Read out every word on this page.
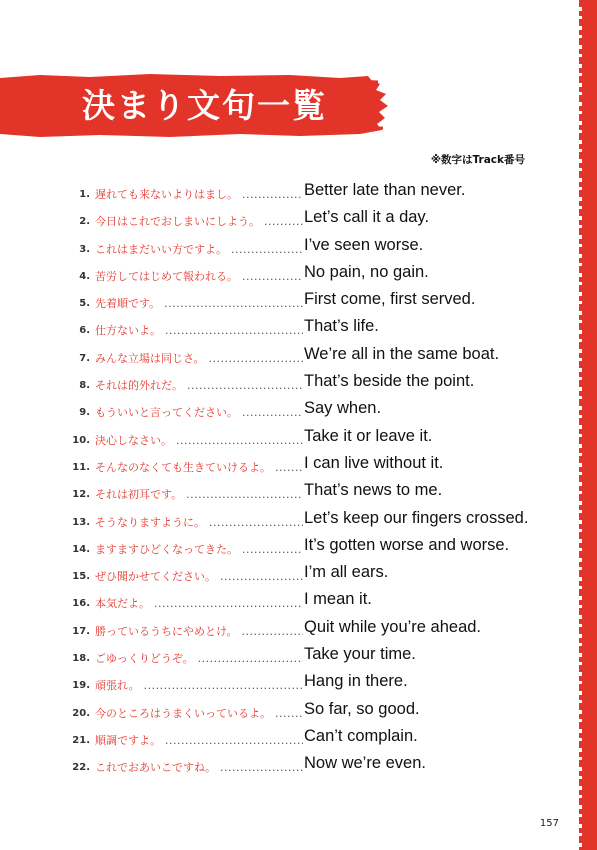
決まり文句一覧
※数字はTrack番号
1. 遅れても来ないよりはまし。 .....	Better late than never.
2. 今日はこれでおしまいにしよう。 .....	Let’s call it a day.
3. これはまだいい方ですよ。 .....	I’ve seen worse.
4. 苦労してはじめて報われる。 .....	No pain, no gain.
5. 先着順です。 .....	First come, first served.
6. 仕方ないよ。 .....	That’s life.
7. みんな立場は同じさ。 .....	We’re all in the same boat.
8. それは的外れだ。 .....	That’s beside the point.
9. もういいと言ってください。 .....	Say when.
10. 決心しなさい。 .....	Take it or leave it.
11. そんなのなくても生きていけるよ。 .....	I can live without it.
12. それは初耳です。 .....	That’s news to me.
13. そうなりますように。 .....	Let’s keep our fingers crossed.
14. ますますひどくなってきた。 .....	It’s gotten worse and worse.
15. ぜひ聞かせてください。 .....	I’m all ears.
16. 本気だよ。 .....	I mean it.
17. 勝っているうちにやめとけ。 .....	Quit while you’re ahead.
18. ごゆっくりどうぞ。 .....	Take your time.
19. 頑張れ。 .....	Hang in there.
20. 今のところはうまくいっているよ。 .....	So far, so good.
21. 順調ですよ。 .....	Can’t complain.
22. これでおあいこですね。 .....	Now we’re even.
157
